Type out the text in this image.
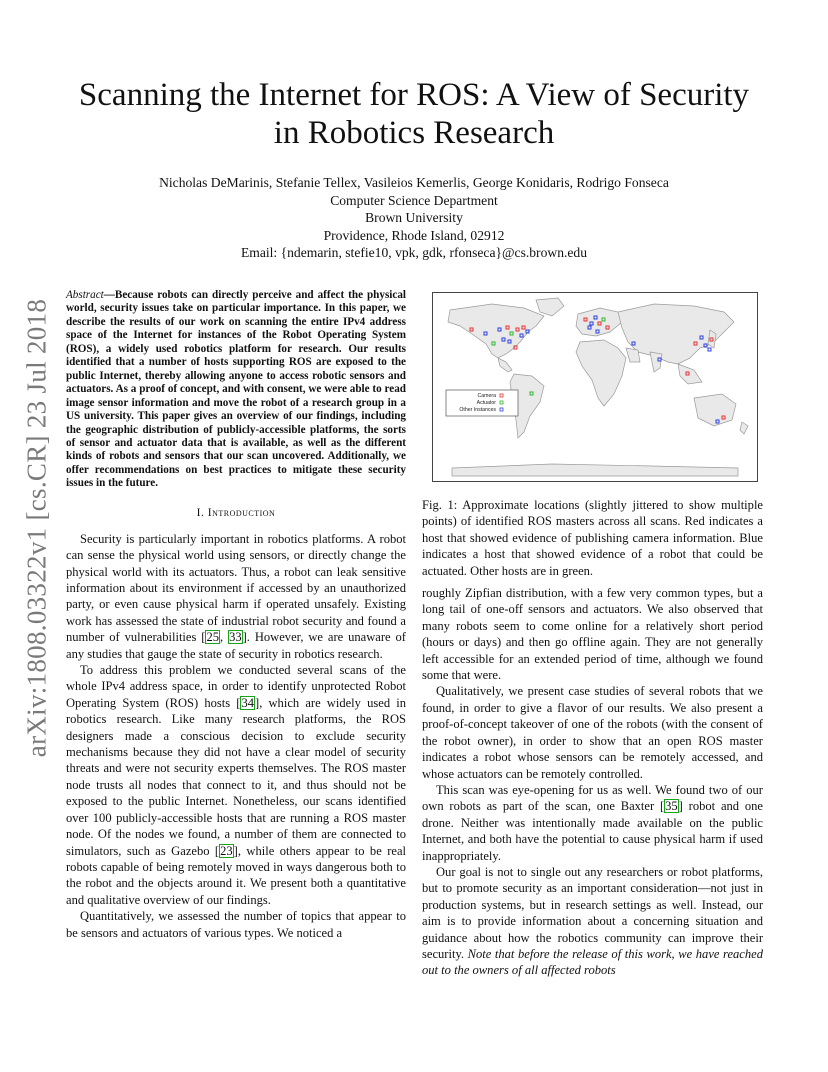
arXiv:1808.03322v1 [cs.CR] 23 Jul 2018
Scanning the Internet for ROS: A View of Security
in Robotics Research
Nicholas DeMarinis, Stefanie Tellex, Vasileios Kemerlis, George Konidaris, Rodrigo Fonseca
Computer Science Department
Brown University
Providence, Rhode Island, 02912
Email: {ndemarin, stefie10, vpk, gdk, rfonseca}@cs.brown.edu

Abstract—Because robots can directly perceive and affect the physical world, security issues take on particular importance. In this paper, we describe the results of our work on scanning the entire IPv4 address space of the Internet for instances of the Robot Operating System (ROS), a widely used robotics platform for research. Our results identified that a number of hosts supporting ROS are exposed to the public Internet, thereby allowing anyone to access robotic sensors and actuators. As a proof of concept, and with consent, we were able to read image sensor information and move the robot of a research group in a US university. This paper gives an overview of our findings, including the geographic distribution of publicly-accessible platforms, the sorts of sensor and actuator data that is available, as well as the different kinds of robots and sensors that our scan uncovered. Additionally, we offer recommendations on best practices to mitigate these security issues in the future.

I. Introduction

Security is particularly important in robotics platforms. A robot can sense the physical world using sensors, or directly change the physical world with its actuators. Thus, a robot can leak sensitive information about its environment if accessed by an unauthorized party, or even cause physical harm if operated unsafely. Existing work has assessed the state of industrial robot security and found a number of vulnerabilities [25, 33]. However, we are unaware of any studies that gauge the state of security in robotics research.

To address this problem we conducted several scans of the whole IPv4 address space, in order to identify unprotected Robot Operating System (ROS) hosts [34], which are widely used in robotics research. Like many research platforms, the ROS designers made a conscious decision to exclude security mechanisms because they did not have a clear model of security threats and were not security experts themselves. The ROS master node trusts all nodes that connect to it, and thus should not be exposed to the public Internet. Nonetheless, our scans identified over 100 publicly-accessible hosts that are running a ROS master node. Of the nodes we found, a number of them are connected to simulators, such as Gazebo [23], while others appear to be real robots capable of being remotely moved in ways dangerous both to the robot and the objects around it. We present both a quantitative and qualitative overview of our findings.

Quantitatively, we assessed the number of topics that appear to be sensors and actuators of various types. We noticed a

Camera
Actuator
Other Instances

Fig. 1: Approximate locations (slightly jittered to show multiple points) of identified ROS masters across all scans. Red indicates a host that showed evidence of publishing camera information. Blue indicates a host that showed evidence of a robot that could be actuated. Other hosts are in green.

roughly Zipfian distribution, with a few very common types, but a long tail of one-off sensors and actuators. We also observed that many robots seem to come online for a relatively short period (hours or days) and then go offline again. They are not generally left accessible for an extended period of time, although we found some that were.

Qualitatively, we present case studies of several robots that we found, in order to give a flavor of our results. We also present a proof-of-concept takeover of one of the robots (with the consent of the robot owner), in order to show that an open ROS master indicates a robot whose sensors can be remotely accessed, and whose actuators can be remotely controlled.

This scan was eye-opening for us as well. We found two of our own robots as part of the scan, one Baxter [35] robot and one drone. Neither was intentionally made available on the public Internet, and both have the potential to cause physical harm if used inappropriately.

Our goal is not to single out any researchers or robot platforms, but to promote security as an important consideration—not just in production systems, but in research settings as well. Instead, our aim is to provide information about a concerning situation and guidance about how the robotics community can improve their security. Note that before the release of this work, we have reached out to the owners of all affected robots
